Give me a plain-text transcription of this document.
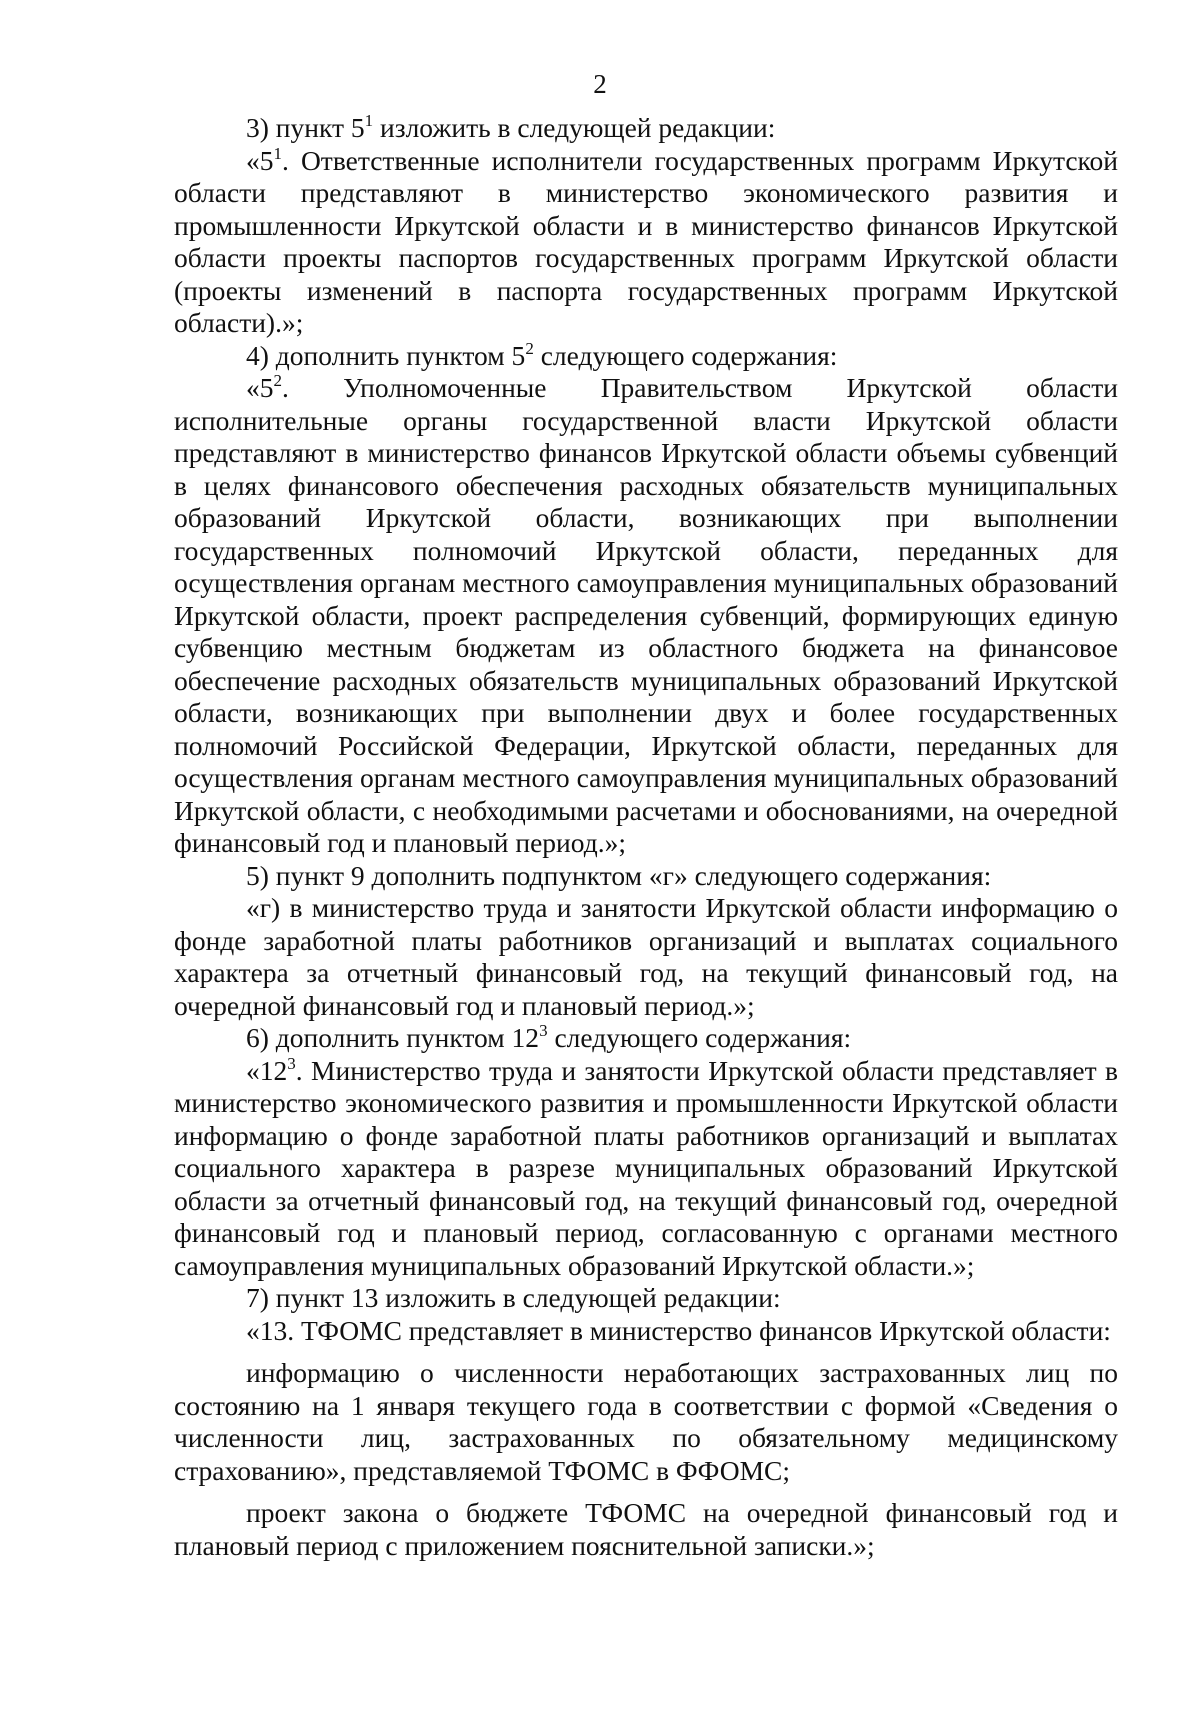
2

3) пункт $5^1$ изложить в следующей редакции:

«$5^1$. Ответственные исполнители государственных программ Иркутской области представляют в министерство экономического развития и промышленности Иркутской области и в министерство финансов Иркутской области проекты паспортов государственных программ Иркутской области (проекты изменений в паспорта государственных программ Иркутской области).»;

4) дополнить пунктом $5^2$ следующего содержания:

«$5^2$. Уполномоченные Правительством Иркутской области исполнительные органы государственной власти Иркутской области представляют в министерство финансов Иркутской области объемы субвенций в целях финансового обеспечения расходных обязательств муниципальных образований Иркутской области, возникающих при выполнении государственных полномочий Иркутской области, переданных для осуществления органам местного самоуправления муниципальных образований Иркутской области, проект распределения субвенций, формирующих единую субвенцию местным бюджетам из областного бюджета на финансовое обеспечение расходных обязательств муниципальных образований Иркутской области, возникающих при выполнении двух и более государственных полномочий Российской Федерации, Иркутской области, переданных для осуществления органам местного самоуправления муниципальных образований Иркутской области, с необходимыми расчетами и обоснованиями, на очередной финансовый год и плановый период.»;

5) пункт 9 дополнить подпунктом «г» следующего содержания:

«г) в министерство труда и занятости Иркутской области информацию о фонде заработной платы работников организаций и выплатах социального характера за отчетный финансовый год, на текущий финансовый год, на очередной финансовый год и плановый период.»;

6) дополнить пунктом $12^3$ следующего содержания:

«$12^3$. Министерство труда и занятости Иркутской области представляет в министерство экономического развития и промышленности Иркутской области информацию о фонде заработной платы работников организаций и выплатах социального характера в разрезе муниципальных образований Иркутской области за отчетный финансовый год, на текущий финансовый год, очередной финансовый год и плановый период, согласованную с органами местного самоуправления муниципальных образований Иркутской области.»;

7) пункт 13 изложить в следующей редакции:

«13. ТФОМС представляет в министерство финансов Иркутской области:

информацию о численности неработающих застрахованных лиц по состоянию на 1 января текущего года в соответствии с формой «Сведения о численности лиц, застрахованных по обязательному медицинскому страхованию», представляемой ТФОМС в ФФОМС;

проект закона о бюджете ТФОМС на очередной финансовый год и плановый период с приложением пояснительной записки.»;
